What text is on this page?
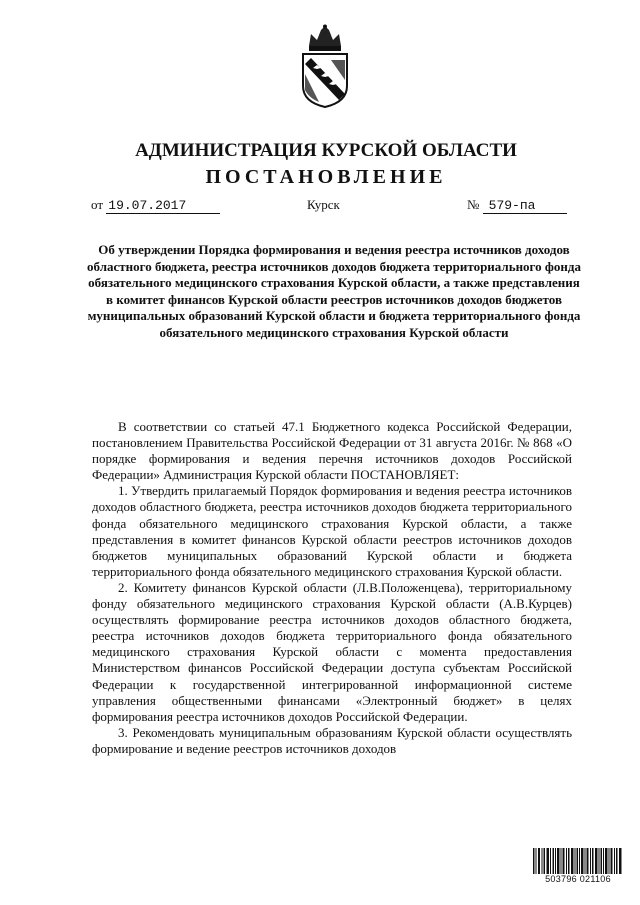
АДМИНИСТРАЦИЯ КУРСКОЙ ОБЛАСТИ
ПОСТАНОВЛЕНИЕ
от 19.07.2017	Курск	№ 579-па
Об утверждении Порядка формирования и ведения реестра источников доходов областного бюджета, реестра источников доходов бюджета территориального фонда обязательного медицинского страхования Курской области, а также представления в комитет финансов Курской области реестров источников доходов бюджетов муниципальных образований Курской области и бюджета территориального фонда обязательного медицинского страхования Курской области

В соответствии со статьей 47.1 Бюджетного кодекса Российской Федерации, постановлением Правительства Российской Федерации от 31 августа 2016г. № 868 «О порядке формирования и ведения перечня источников доходов Российской Федерации» Администрация Курской области ПОСТАНОВЛЯЕТ:

1. Утвердить прилагаемый Порядок формирования и ведения реестра источников доходов областного бюджета, реестра источников доходов бюджета территориального фонда обязательного медицинского страхования Курской области, а также представления в комитет финансов Курской области реестров источников доходов бюджетов муниципальных образований Курской области и бюджета территориального фонда обязательного медицинского страхования Курской области.

2. Комитету финансов Курской области (Л.В.Положенцева), территориальному фонду обязательного медицинского страхования Курской области (А.В.Курцев) осуществлять формирование реестра источников доходов областного бюджета, реестра источников доходов бюджета территориального фонда обязательного медицинского страхования Курской области с момента предоставления Министерством финансов Российской Федерации доступа субъектам Российской Федерации к государственной интегрированной информационной системе управления общественными финансами «Электронный бюджет» в целях формирования реестра источников доходов Российской Федерации.

3. Рекомендовать муниципальным образованиям Курской области осуществлять формирование и ведение реестров источников доходов

503796 021106
